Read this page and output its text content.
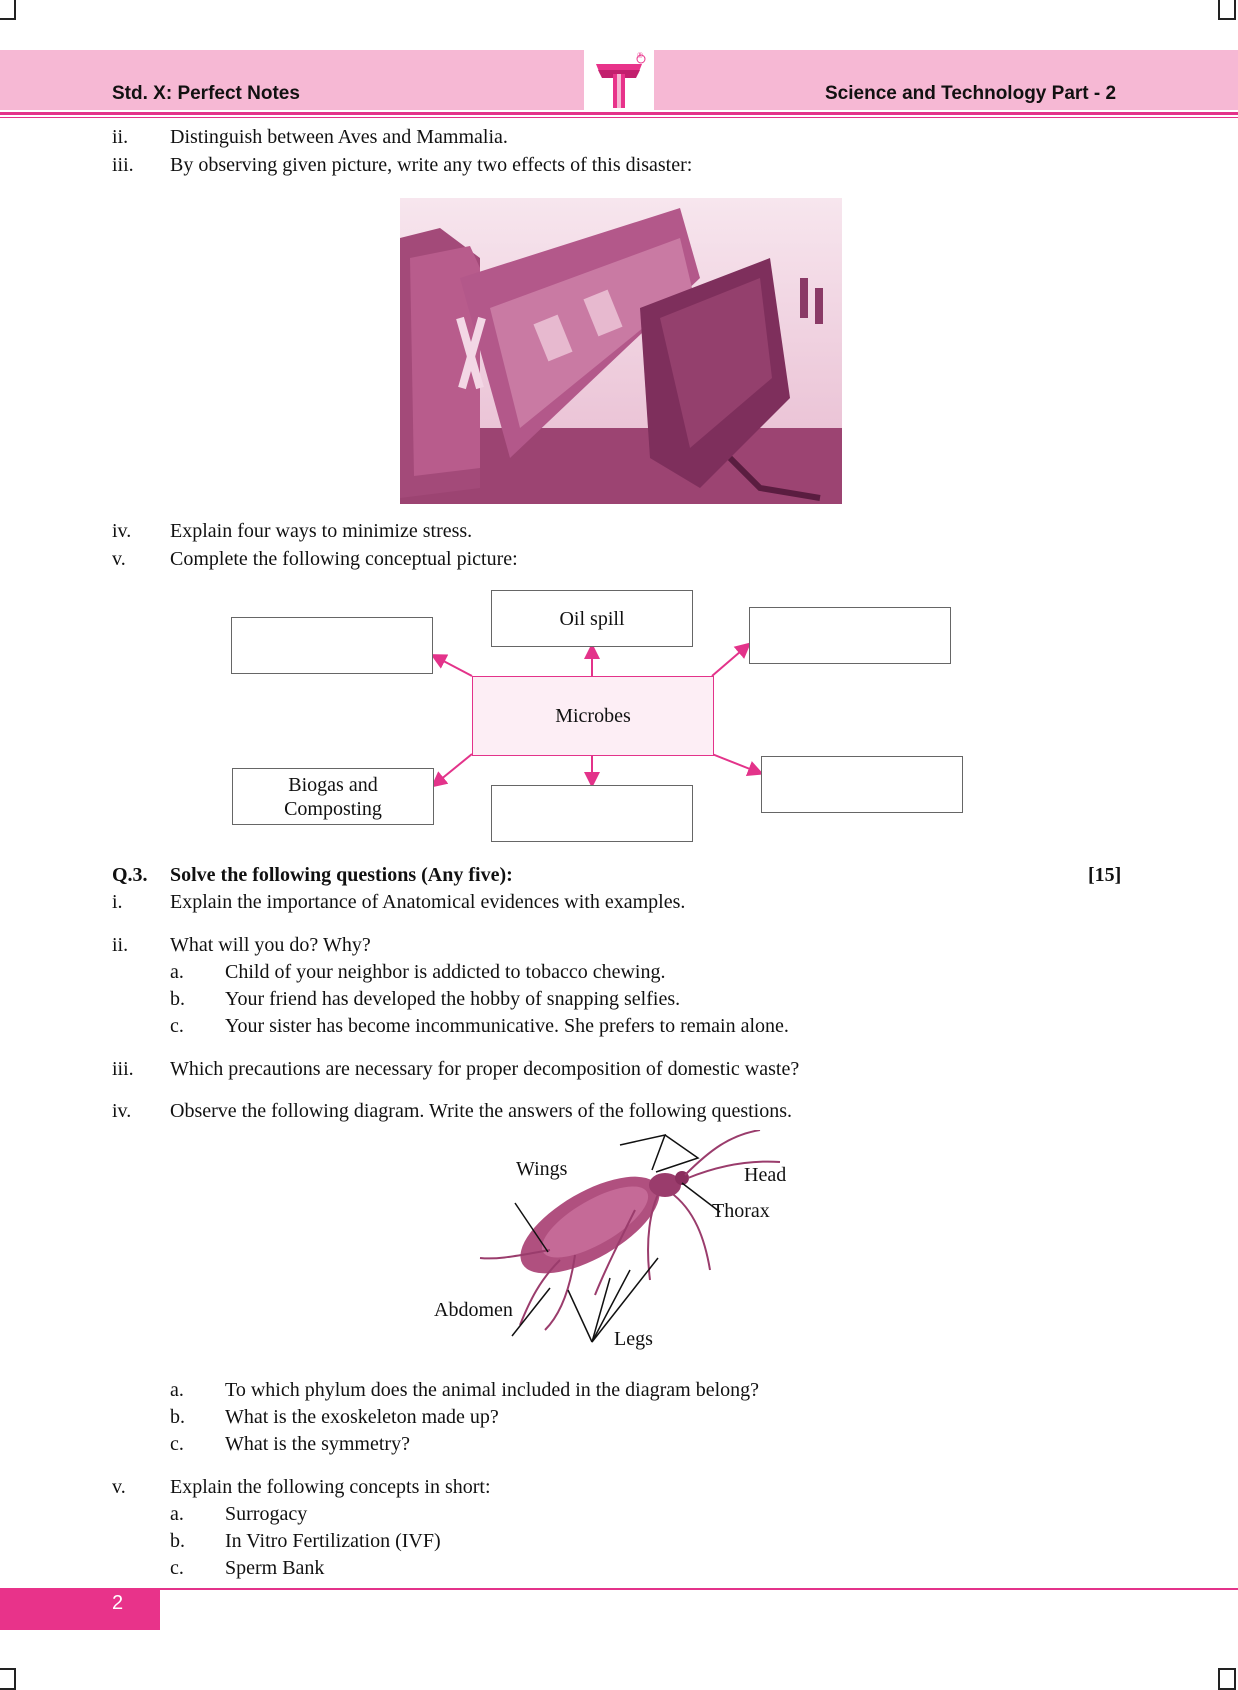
®
Std. X: Perfect Notes	Science and Technology Part - 2
ii. Distinguish between Aves and Mammalia.
iii. By observing given picture, write any two effects of this disaster:
iv. Explain four ways to minimize stress.
v. Complete the following conceptual picture:
Oil spill
Microbes
Biogas and
Composting
Q.3. Solve the following questions (Any five):	[15]
i. Explain the importance of Anatomical evidences with examples.
ii. What will you do? Why?
a. Child of your neighbor is addicted to tobacco chewing.
b. Your friend has developed the hobby of snapping selfies.
c. Your sister has become incommunicative. She prefers to remain alone.
iii. Which precautions are necessary for proper decomposition of domestic waste?
iv. Observe the following diagram. Write the answers of the following questions.
Wings	Head
Thorax
Abdomen
Legs
a. To which phylum does the animal included in the diagram belong?
b. What is the exoskeleton made up?
c. What is the symmetry?
v. Explain the following concepts in short:
a. Surrogacy
b. In Vitro Fertilization (IVF)
c. Sperm Bank
2
